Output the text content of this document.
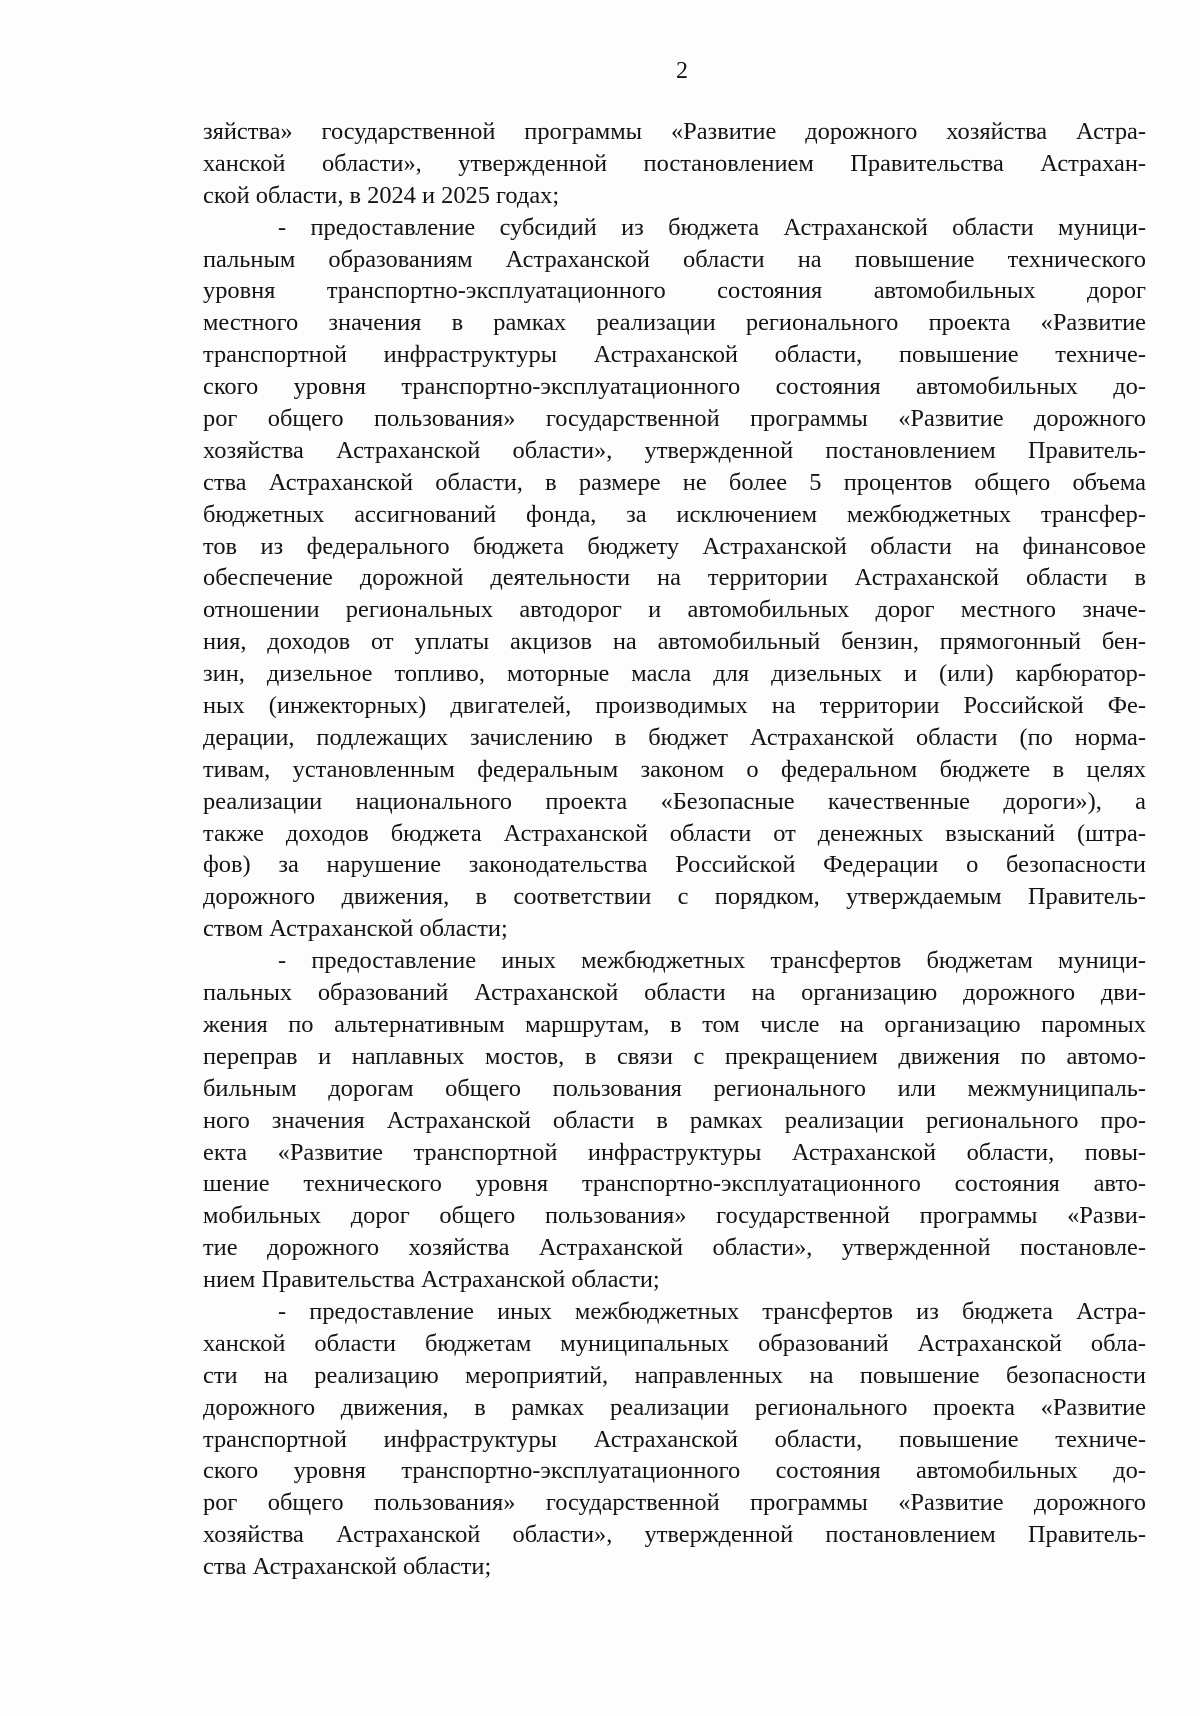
2
зяйства» государственной программы «Развитие дорожного хозяйства Астра-
ханской области», утвержденной постановлением Правительства Астрахан-
ской области, в 2024 и 2025 годах;
- предоставление субсидий из бюджета Астраханской области муници-
пальным образованиям Астраханской области на повышение технического
уровня транспортно-эксплуатационного состояния автомобильных дорог
местного значения в рамках реализации регионального проекта «Развитие
транспортной инфраструктуры Астраханской области, повышение техниче-
ского уровня транспортно-эксплуатационного состояния автомобильных до-
рог общего пользования» государственной программы «Развитие дорожного
хозяйства Астраханской области», утвержденной постановлением Правитель-
ства Астраханской области, в размере не более 5 процентов общего объема
бюджетных ассигнований фонда, за исключением межбюджетных трансфер-
тов из федерального бюджета бюджету Астраханской области на финансовое
обеспечение дорожной деятельности на территории Астраханской области в
отношении региональных автодорог и автомобильных дорог местного значе-
ния, доходов от уплаты акцизов на автомобильный бензин, прямогонный бен-
зин, дизельное топливо, моторные масла для дизельных и (или) карбюратор-
ных (инжекторных) двигателей, производимых на территории Российской Фе-
дерации, подлежащих зачислению в бюджет Астраханской области (по норма-
тивам, установленным федеральным законом о федеральном бюджете в целях
реализации национального проекта «Безопасные качественные дороги»), а
также доходов бюджета Астраханской области от денежных взысканий (штра-
фов) за нарушение законодательства Российской Федерации о безопасности
дорожного движения, в соответствии с порядком, утверждаемым Правитель-
ством Астраханской области;
- предоставление иных межбюджетных трансфертов бюджетам муници-
пальных образований Астраханской области на организацию дорожного дви-
жения по альтернативным маршрутам, в том числе на организацию паромных
переправ и наплавных мостов, в связи с прекращением движения по автомо-
бильным дорогам общего пользования регионального или межмуниципаль-
ного значения Астраханской области в рамках реализации регионального про-
екта «Развитие транспортной инфраструктуры Астраханской области, повы-
шение технического уровня транспортно-эксплуатационного состояния авто-
мобильных дорог общего пользования» государственной программы «Разви-
тие дорожного хозяйства Астраханской области», утвержденной постановле-
нием Правительства Астраханской области;
- предоставление иных межбюджетных трансфертов из бюджета Астра-
ханской области бюджетам муниципальных образований Астраханской обла-
сти на реализацию мероприятий, направленных на повышение безопасности
дорожного движения, в рамках реализации регионального проекта «Развитие
транспортной инфраструктуры Астраханской области, повышение техниче-
ского уровня транспортно-эксплуатационного состояния автомобильных до-
рог общего пользования» государственной программы «Развитие дорожного
хозяйства Астраханской области», утвержденной постановлением Правитель-
ства Астраханской области;
